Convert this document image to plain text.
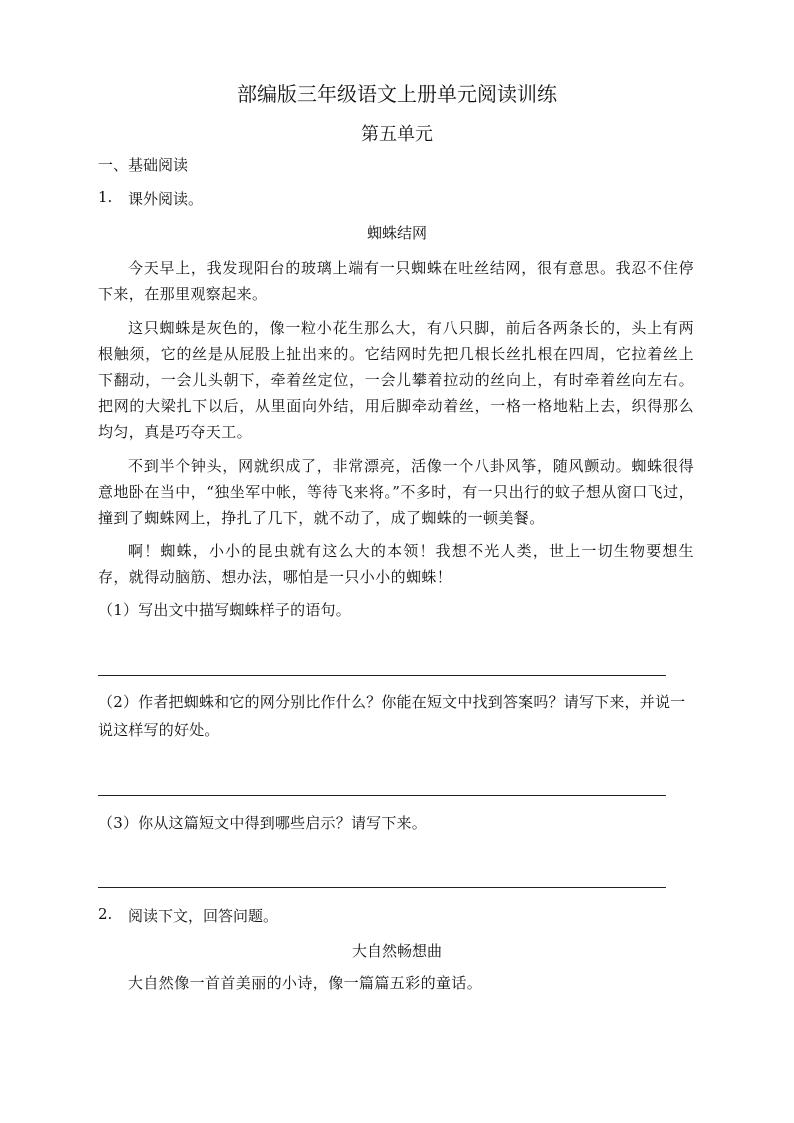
部编版三年级语文上册单元阅读训练
第五单元
一、基础阅读
1. 课外阅读。
蜘蛛结网
今天早上，我发现阳台的玻璃上端有一只蜘蛛在吐丝结网，很有意思。我忍不住停下来，在那里观察起来。
这只蜘蛛是灰色的，像一粒小花生那么大，有八只脚，前后各两条长的，头上有两根触须，它的丝是从屁股上扯出来的。它结网时先把几根长丝扎根在四周，它拉着丝上下翻动，一会儿头朝下，牵着丝定位，一会儿攀着拉动的丝向上，有时牵着丝向左右。把网的大梁扎下以后，从里面向外结，用后脚牵动着丝，一格一格地粘上去，织得那么均匀，真是巧夺天工。
不到半个钟头，网就织成了，非常漂亮，活像一个八卦风筝，随风颤动。蜘蛛很得意地卧在当中，“独坐军中帐，等待飞来将。”不多时，有一只出行的蚊子想从窗口飞过，撞到了蜘蛛网上，挣扎了几下，就不动了，成了蜘蛛的一顿美餐。
啊！蜘蛛，小小的昆虫就有这么大的本领！我想不光人类，世上一切生物要想生存，就得动脑筋、想办法，哪怕是一只小小的蜘蛛！
（1）写出文中描写蜘蛛样子的语句。
（2）作者把蜘蛛和它的网分别比作什么？你能在短文中找到答案吗？请写下来，并说一说这样写的好处。
（3）你从这篇短文中得到哪些启示？请写下来。
2. 阅读下文，回答问题。
大自然畅想曲
大自然像一首首美丽的小诗，像一篇篇五彩的童话。
